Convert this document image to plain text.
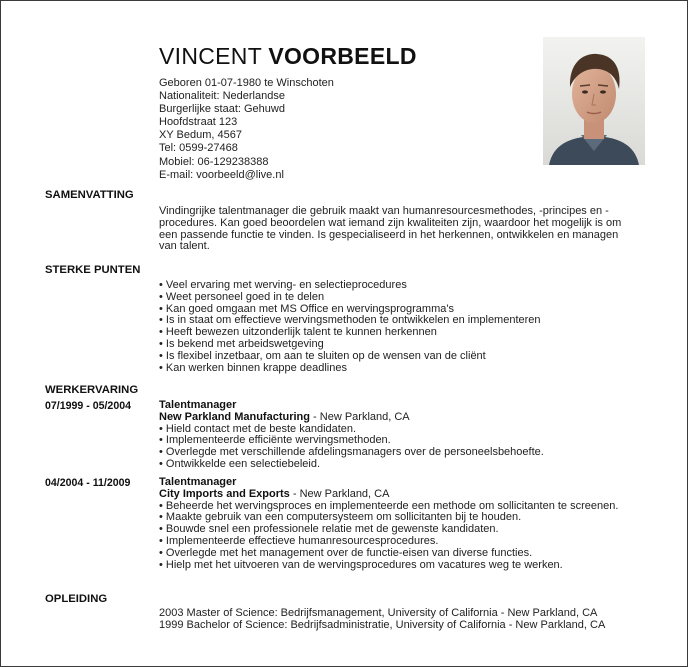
VINCENT VOORBEELD
Geboren 01-07-1980 te Winschoten
Nationaliteit: Nederlandse
Burgerlijke staat: Gehuwd
Hoofdstraat 123
XY Bedum, 4567
Tel: 0599-27468
Mobiel: 06-129238388
E-mail: voorbeeld@live.nl
SAMENVATTING
Vindingrijke talentmanager die gebruik maakt van humanresourcesmethodes, -principes en -procedures. Kan goed beoordelen wat iemand zijn kwaliteiten zijn, waardoor het mogelijk is om een passende functie te vinden. Is gespecialiseerd in het herkennen, ontwikkelen en managen van talent.
STERKE PUNTEN
• Veel ervaring met werving- en selectieprocedures
• Weet personeel goed in te delen
• Kan goed omgaan met MS Office en wervingsprogramma's
• Is in staat om effectieve wervingsmethoden te ontwikkelen en implementeren
• Heeft bewezen uitzonderlijk talent te kunnen herkennen
• Is bekend met arbeidswetgeving
• Is flexibel inzetbaar, om aan te sluiten op de wensen van de cliënt
• Kan werken binnen krappe deadlines
WERKERVARING
07/1999 - 05/2004	Talentmanager
New Parkland Manufacturing - New Parkland, CA
• Hield contact met de beste kandidaten.
• Implementeerde efficiënte wervingsmethoden.
• Overlegde met verschillende afdelingsmanagers over de personeelsbehoefte.
• Ontwikkelde een selectiebeleid.
04/2004 - 11/2009	Talentmanager
City Imports and Exports - New Parkland, CA
• Beheerde het wervingsproces en implementeerde een methode om sollicitanten te screenen.
• Maakte gebruik van een computersysteem om sollicitanten bij te houden.
• Bouwde snel een professionele relatie met de gewenste kandidaten.
• Implementeerde effectieve humanresourcesprocedures.
• Overlegde met het management over de functie-eisen van diverse functies.
• Hielp met het uitvoeren van de wervingsprocedures om vacatures weg te werken.
OPLEIDING
2003 Master of Science: Bedrijfsmanagement, University of California - New Parkland, CA
1999 Bachelor of Science: Bedrijfsadministratie, University of California - New Parkland, CA
